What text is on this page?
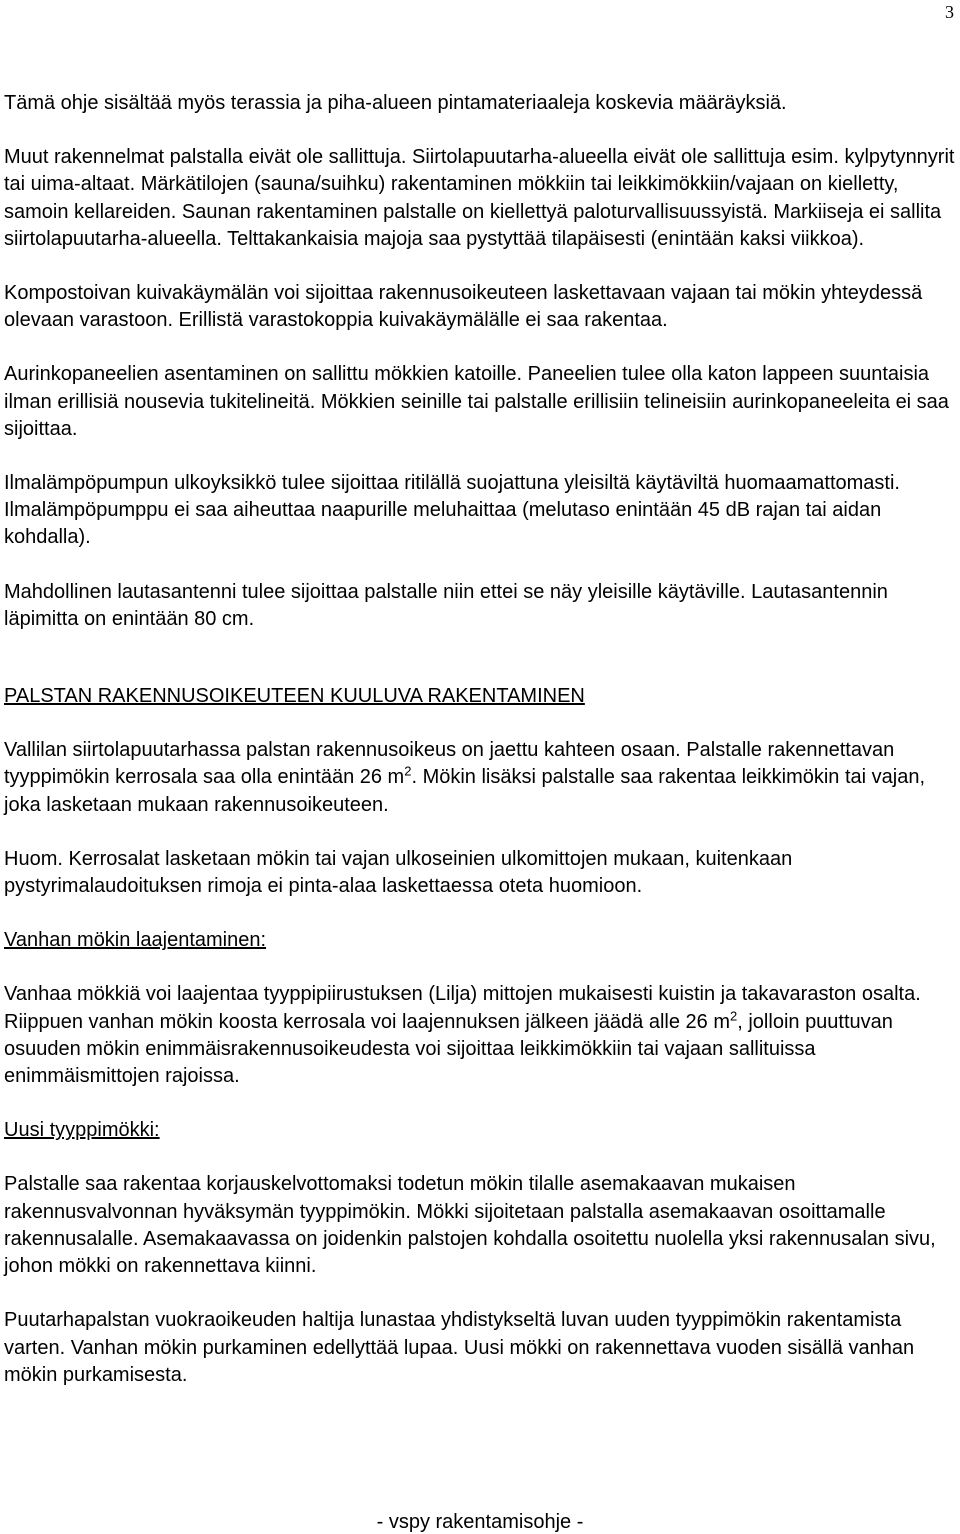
3

Tämä ohje sisältää myös terassia ja piha-alueen pintamateriaaleja koskevia määräyksiä.

Muut rakennelmat palstalla eivät ole sallittuja. Siirtolapuutarha-alueella eivät ole sallittuja esim. kylpytynnyrit tai uima-altaat. Märkätilojen (sauna/suihku) rakentaminen mökkiin tai leikkimökkiin/vajaan on kielletty, samoin kellareiden. Saunan rakentaminen palstalle on kiellettyä paloturvallisuussyistä. Markiiseja ei sallita siirtolapuutarha-alueella. Telttakankaisia majoja saa pystyttää tilapäisesti (enintään kaksi viikkoa).

Kompostoivan kuivakäymälän voi sijoittaa rakennusoikeuteen laskettavaan vajaan tai mökin yhteydessä olevaan varastoon. Erillistä varastokoppia kuivakäymälälle ei saa rakentaa.

Aurinkopaneelien asentaminen on sallittu mökkien katoille. Paneelien tulee olla katon lappeen suuntaisia ilman erillisiä nousevia tukitelineitä. Mökkien seinille tai palstalle erillisiin telineisiin aurinkopaneeleita ei saa sijoittaa.

Ilmalämpöpumpun ulkoyksikkö tulee sijoittaa ritilällä suojattuna yleisiltä käytäviltä huomaamattomasti. Ilmalämpöpumppu ei saa aiheuttaa naapurille meluhaittaa (melutaso enintään 45 dB rajan tai aidan kohdalla).

Mahdollinen lautasantenni tulee sijoittaa palstalle niin ettei se näy yleisille käytäville. Lautasantennin läpimitta on enintään 80 cm.

PALSTAN RAKENNUSOIKEUTEEN KUULUVA RAKENTAMINEN

Vallilan siirtolapuutarhassa palstan rakennusoikeus on jaettu kahteen osaan. Palstalle rakennettavan tyyppimökin kerrosala saa olla enintään 26 $m^2$. Mökin lisäksi palstalle saa rakentaa leikkimökin tai vajan, joka lasketaan mukaan rakennusoikeuteen.

Huom. Kerrosalat lasketaan mökin tai vajan ulkoseinien ulkomittojen mukaan, kuitenkaan pystyrimalaudoituksen rimoja ei pinta-alaa laskettaessa oteta huomioon.

Vanhan mökin laajentaminen:

Vanhaa mökkiä voi laajentaa tyyppipiirustuksen (Lilja) mittojen mukaisesti kuistin ja takavaraston osalta. Riippuen vanhan mökin koosta kerrosala voi laajennuksen jälkeen jäädä alle 26 $m^2$, jolloin puuttuvan osuuden mökin enimmäisrakennusoikeudesta voi sijoittaa leikkimökkiin tai vajaan sallituissa enimmäismittojen rajoissa.

Uusi tyyppimökki:

Palstalle saa rakentaa korjauskelvottomaksi todetun mökin tilalle asemakaavan mukaisen rakennusvalvonnan hyväksymän tyyppimökin. Mökki sijoitetaan palstalla asemakaavan osoittamalle rakennusalalle. Asemakaavassa on joidenkin palstojen kohdalla osoitettu nuolella yksi rakennusalan sivu, johon mökki on rakennettava kiinni.

Puutarhapalstan vuokraoikeuden haltija lunastaa yhdistykseltä luvan uuden tyyppimökin rakentamista varten. Vanhan mökin purkaminen edellyttää lupaa. Uusi mökki on rakennettava vuoden sisällä vanhan mökin purkamisesta.

- vspy rakentamisohje -
